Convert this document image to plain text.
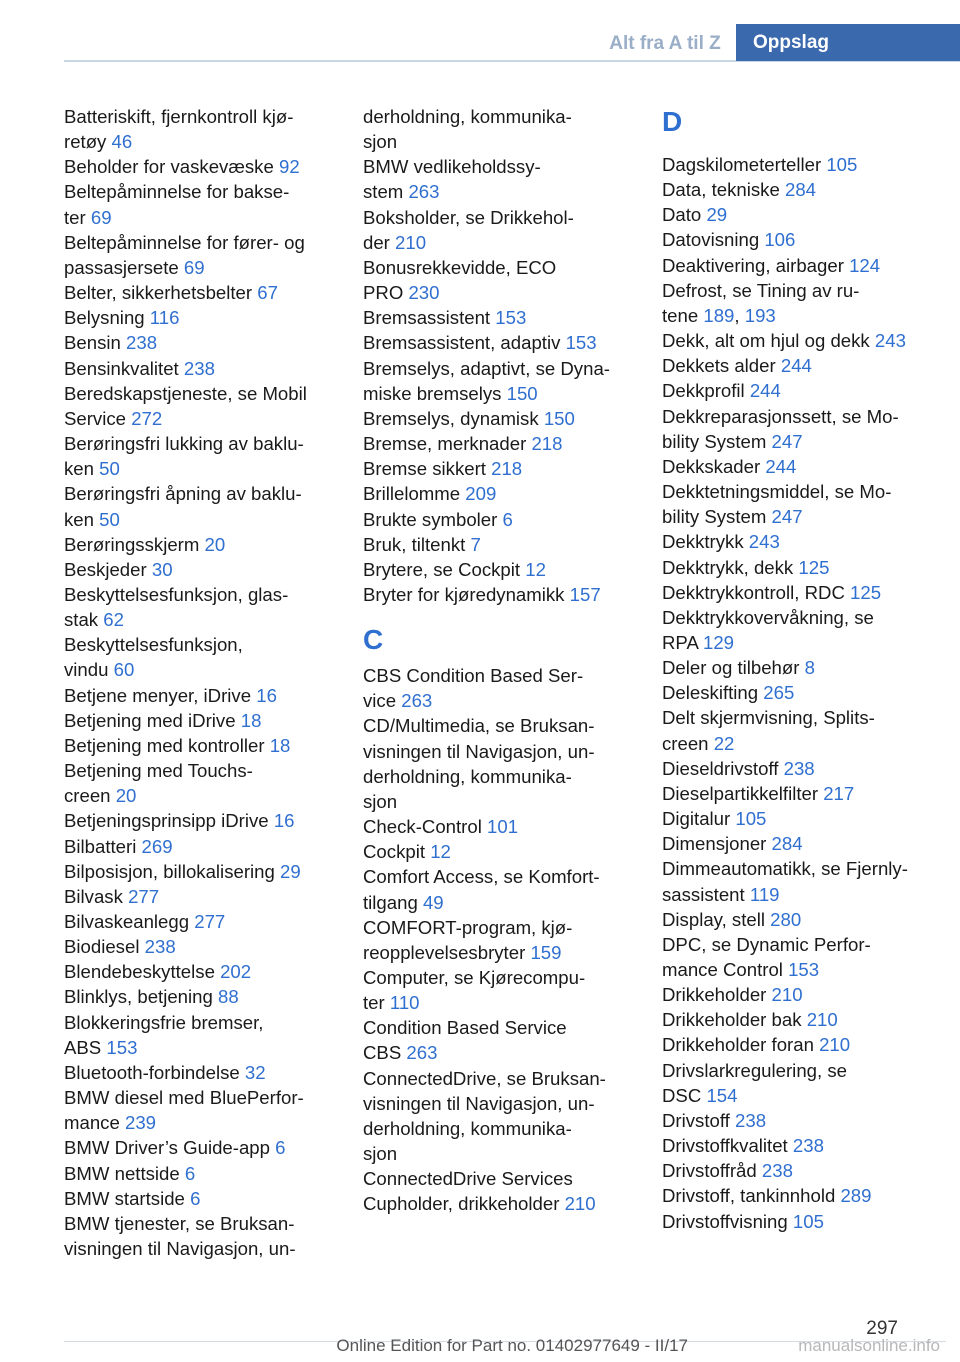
Alt fra A til Z	Oppslag
Batteriskift, fjernkontroll kjø-
retøy 46
Beholder for vaskevæske 92
Beltepåminnelse for bakse-
ter 69
Beltepåminnelse for fører- og
passasjersete 69
Belter, sikkerhetsbelter 67
Belysning 116
Bensin 238
Bensinkvalitet 238
Beredskapstjeneste, se Mobil
Service 272
Berøringsfri lukking av baklu-
ken 50
Berøringsfri åpning av baklu-
ken 50
Berøringsskjerm 20
Beskjeder 30
Beskyttelsesfunksjon, glas-
stak 62
Beskyttelsesfunksjon,
vindu 60
Betjene menyer, iDrive 16
Betjening med iDrive 18
Betjening med kontroller 18
Betjening med Touchs-
creen 20
Betjeningsprinsipp iDrive 16
Bilbatteri 269
Bilposisjon, billokalisering 29
Bilvask 277
Bilvaskeanlegg 277
Biodiesel 238
Blendebeskyttelse 202
Blinklys, betjening 88
Blokkeringsfrie bremser,
ABS 153
Bluetooth-forbindelse 32
BMW diesel med BluePerfor-
mance 239
BMW Driver’s Guide-app 6
BMW nettside 6
BMW startside 6
BMW tjenester, se Bruksan-
visningen til Navigasjon, un-
derholdning, kommunika-
sjon
BMW vedlikeholdssy-
stem 263
Boksholder, se Drikkehol-
der 210
Bonusrekkevidde, ECO
PRO 230
Bremsassistent 153
Bremsassistent, adaptiv 153
Bremselys, adaptivt, se Dyna-
miske bremselys 150
Bremselys, dynamisk 150
Bremse, merknader 218
Bremse sikkert 218
Brillelomme 209
Brukte symboler 6
Bruk, tiltenkt 7
Brytere, se Cockpit 12
Bryter for kjøredynamikk 157
C
CBS Condition Based Ser-
vice 263
CD/Multimedia, se Bruksan-
visningen til Navigasjon, un-
derholdning, kommunika-
sjon
Check-Control 101
Cockpit 12
Comfort Access, se Komfort-
tilgang 49
COMFORT-program, kjø-
reopplevelsesbryter 159
Computer, se Kjørecompu-
ter 110
Condition Based Service
CBS 263
ConnectedDrive, se Bruksan-
visningen til Navigasjon, un-
derholdning, kommunika-
sjon
ConnectedDrive Services
Cupholder, drikkeholder 210
D
Dagskilometerteller 105
Data, tekniske 284
Dato 29
Datovisning 106
Deaktivering, airbager 124
Defrost, se Tining av ru-
tene 189, 193
Dekk, alt om hjul og dekk 243
Dekkets alder 244
Dekkprofil 244
Dekkreparasjonssett, se Mo-
bility System 247
Dekkskader 244
Dekktetningsmiddel, se Mo-
bility System 247
Dekktrykk 243
Dekktrykk, dekk 125
Dekktrykkontroll, RDC 125
Dekktrykkovervåkning, se
RPA 129
Deler og tilbehør 8
Deleskifting 265
Delt skjermvisning, Splits-
creen 22
Dieseldrivstoff 238
Dieselpartikkelfilter 217
Digitalur 105
Dimensjoner 284
Dimmeautomatikk, se Fjernly-
sassistent 119
Display, stell 280
DPC, se Dynamic Perfor-
mance Control 153
Drikkeholder 210
Drikkeholder bak 210
Drikkeholder foran 210
Drivslarkregulering, se
DSC 154
Drivstoff 238
Drivstoffkvalitet 238
Drivstoffråd 238
Drivstoff, tankinnhold 289
Drivstoffvisning 105
297
Online Edition for Part no. 01402977649 - II/17	manualsonline.info
